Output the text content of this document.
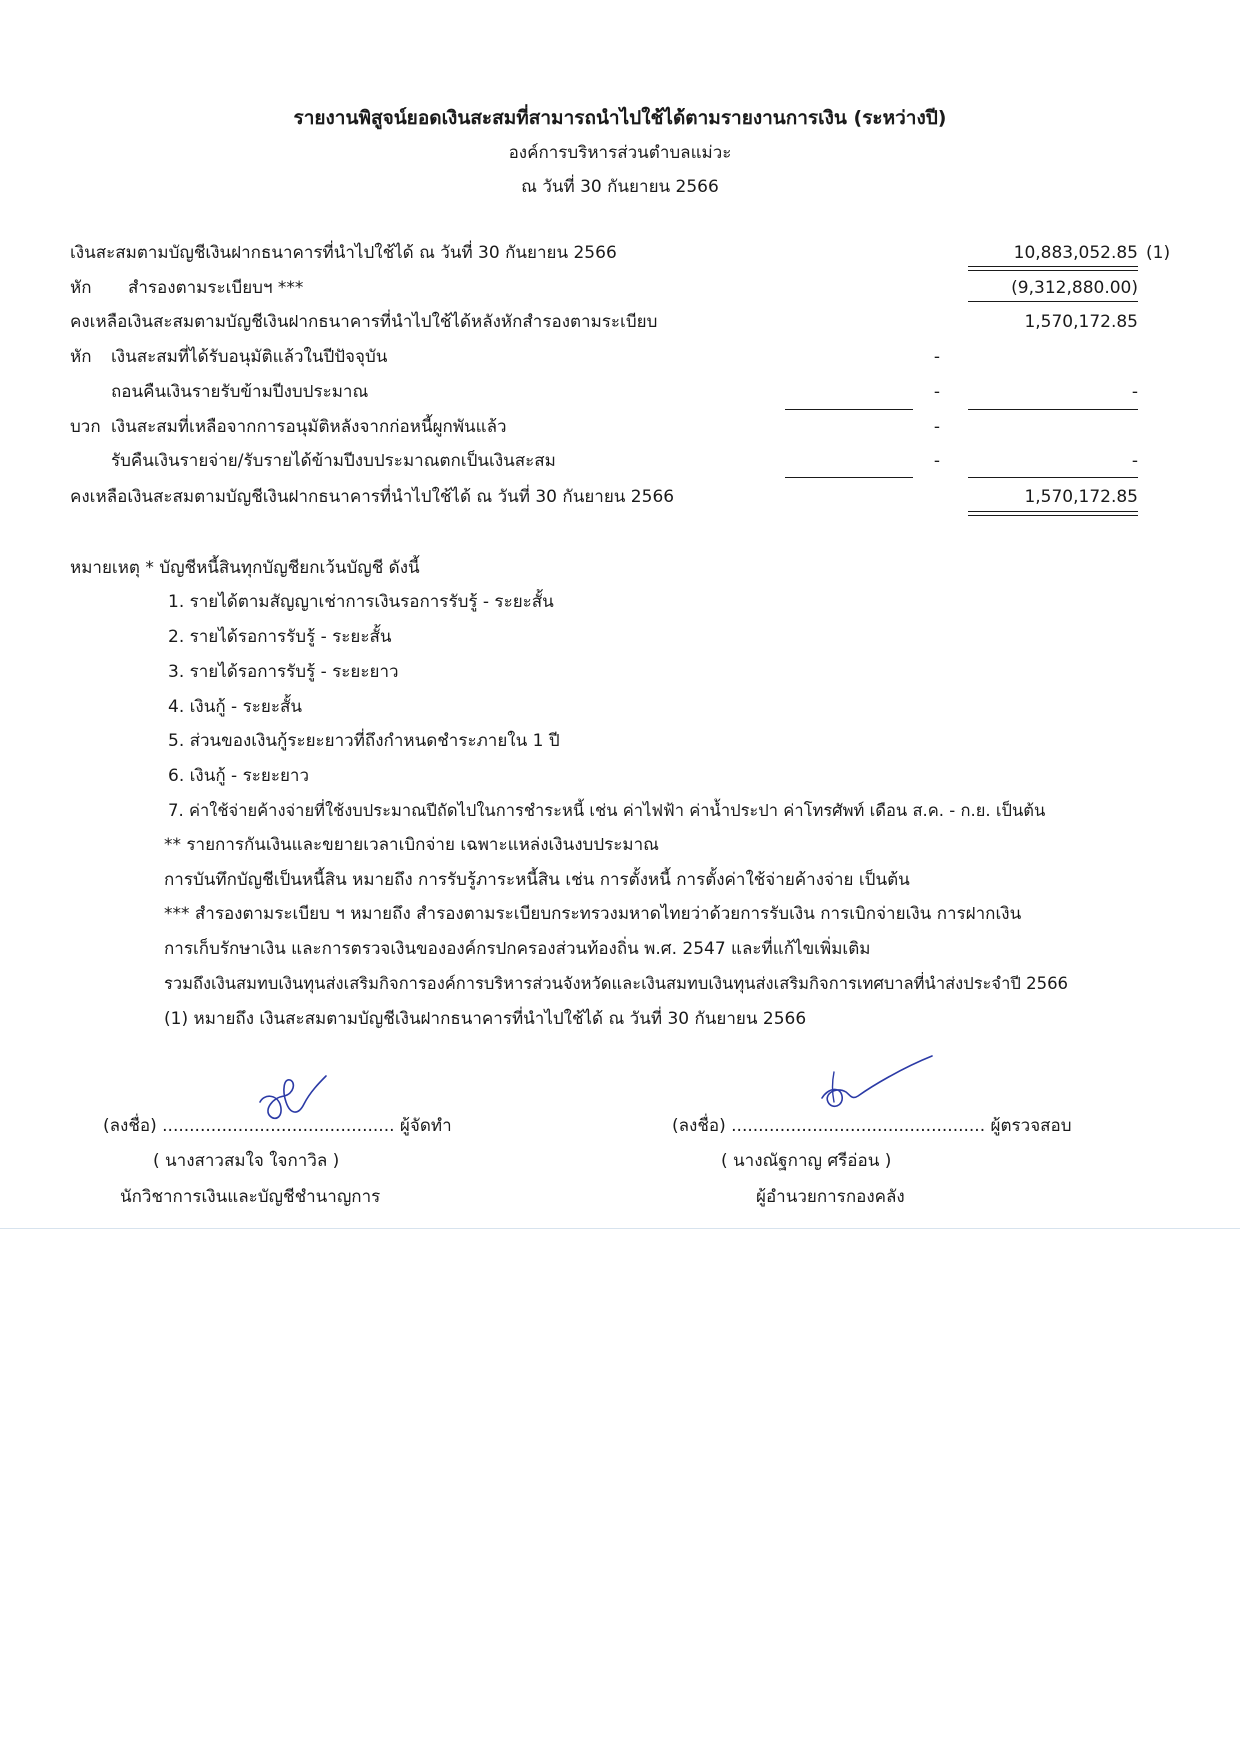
รายงานพิสูจน์ยอดเงินสะสมที่สามารถนำไปใช้ได้ตามรายงานการเงิน (ระหว่างปี)
องค์การบริหารส่วนตำบลแม่วะ
ณ วันที่ 30 กันยายน 2566
เงินสะสมตามบัญชีเงินฝากธนาคารที่นำไปใช้ได้ ณ วันที่ 30 กันยายน 2566	10,883,052.85 (1)
หัก สำรองตามระเบียบฯ ***	(9,312,880.00)
คงเหลือเงินสะสมตามบัญชีเงินฝากธนาคารที่นำไปใช้ได้หลังหักสำรองตามระเบียบ	1,570,172.85
หัก เงินสะสมที่ได้รับอนุมัติแล้วในปีปัจจุบัน	-
ถอนคืนเงินรายรับข้ามปีงบประมาณ	-	-
บวก เงินสะสมที่เหลือจากการอนุมัติหลังจากก่อหนี้ผูกพันแล้ว	-
รับคืนเงินรายจ่าย/รับรายได้ข้ามปีงบประมาณตกเป็นเงินสะสม	-	-
คงเหลือเงินสะสมตามบัญชีเงินฝากธนาคารที่นำไปใช้ได้ ณ วันที่ 30 กันยายน 2566	1,570,172.85
หมายเหตุ * บัญชีหนี้สินทุกบัญชียกเว้นบัญชี ดังนี้
1. รายได้ตามสัญญาเช่าการเงินรอการรับรู้ - ระยะสั้น
2. รายได้รอการรับรู้ - ระยะสั้น
3. รายได้รอการรับรู้ - ระยะยาว
4. เงินกู้ - ระยะสั้น
5. ส่วนของเงินกู้ระยะยาวที่ถึงกำหนดชำระภายใน 1 ปี
6. เงินกู้ - ระยะยาว
7. ค่าใช้จ่ายค้างจ่ายที่ใช้งบประมาณปีถัดไปในการชำระหนี้ เช่น ค่าไฟฟ้า ค่าน้ำประปา ค่าโทรศัพท์ เดือน ส.ค. - ก.ย. เป็นต้น
** รายการกันเงินและขยายเวลาเบิกจ่าย เฉพาะแหล่งเงินงบประมาณ
การบันทึกบัญชีเป็นหนี้สิน หมายถึง การรับรู้ภาระหนี้สิน เช่น การตั้งหนี้ การตั้งค่าใช้จ่ายค้างจ่าย เป็นต้น
*** สำรองตามระเบียบ ฯ หมายถึง สำรองตามระเบียบกระทรวงมหาดไทยว่าด้วยการรับเงิน การเบิกจ่ายเงิน การฝากเงิน
การเก็บรักษาเงิน และการตรวจเงินขององค์กรปกครองส่วนท้องถิ่น พ.ศ. 2547 และที่แก้ไขเพิ่มเติม
รวมถึงเงินสมทบเงินทุนส่งเสริมกิจการองค์การบริหารส่วนจังหวัดและเงินสมทบเงินทุนส่งเสริมกิจการเทศบาลที่นำส่งประจำปี 2566
(1) หมายถึง เงินสะสมตามบัญชีเงินฝากธนาคารที่นำไปใช้ได้ ณ วันที่ 30 กันยายน 2566
(ลงชื่อ) ........................................... ผู้จัดทำ
( นางสาวสมใจ ใจกาวิล )
นักวิชาการเงินและบัญชีชำนาญการ
(ลงชื่อ) ............................................... ผู้ตรวจสอบ
( นางณัฐกาญ ศรีอ่อน )
ผู้อำนวยการกองคลัง
